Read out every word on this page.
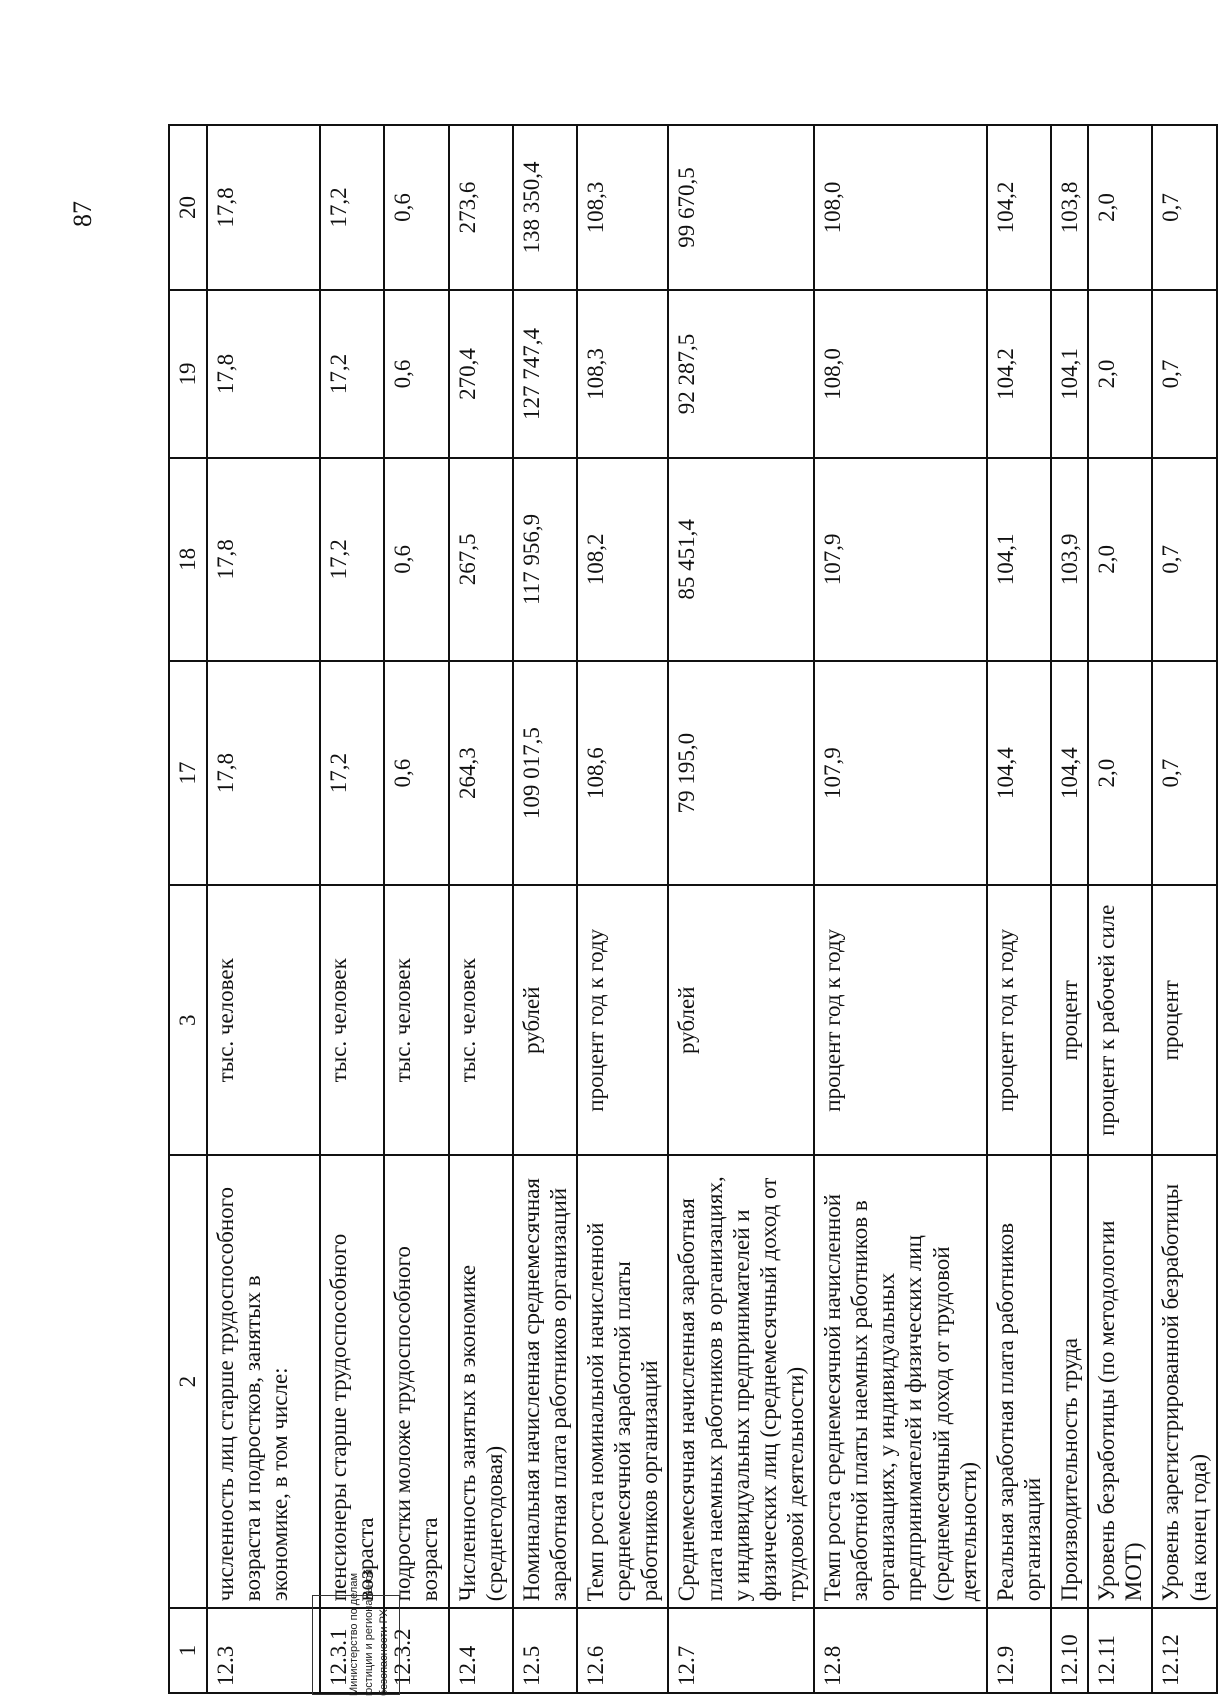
87
1	2	3	17	18	19	20
12.3	численность лиц старше трудоспособного возраста и подростков, занятых в экономике, в том числе:	тыс. человек	17,8	17,8	17,8	17,8
12.3.1	пенсионеры старше трудоспособного возраста	тыс. человек	17,2	17,2	17,2	17,2
12.3.2	подростки моложе трудоспособного возраста	тыс. человек	0,6	0,6	0,6	0,6
12.4	Численность занятых в экономике (среднегодовая)	тыс. человек	264,3	267,5	270,4	273,6
12.5	Номинальная начисленная среднемесячная заработная плата работников организаций	рублей	109 017,5	117 956,9	127 747,4	138 350,4
12.6	Темп роста номинальной начисленной среднемесячной заработной платы работников организаций	процент год к году	108,6	108,2	108,3	108,3
12.7	Среднемесячная начисленная заработная плата наемных работников в организациях, у индивидуальных предпринимателей и физических лиц (среднемесячный доход от трудовой деятельности)	рублей	79 195,0	85 451,4	92 287,5	99 670,5
12.8	Темп роста среднемесячной начисленной заработной платы наемных работников в организациях, у индивидуальных предпринимателей и физических лиц (среднемесячный доход от трудовой деятельности)	процент год к году	107,9	107,9	108,0	108,0
12.9	Реальная заработная плата работников организаций	процент год к году	104,4	104,1	104,2	104,2
12.10	Производительность труда	процент	104,4	103,9	104,1	103,8
12.11	Уровень безработицы (по методологии МОТ)	процент к рабочей силе	2,0	2,0	2,0	2,0
12.12	Уровень зарегистрированной безработицы (на конец года)	процент	0,7	0,7	0,7	0,7
Министерство по делам юстиции и региональной безопасности РХ
